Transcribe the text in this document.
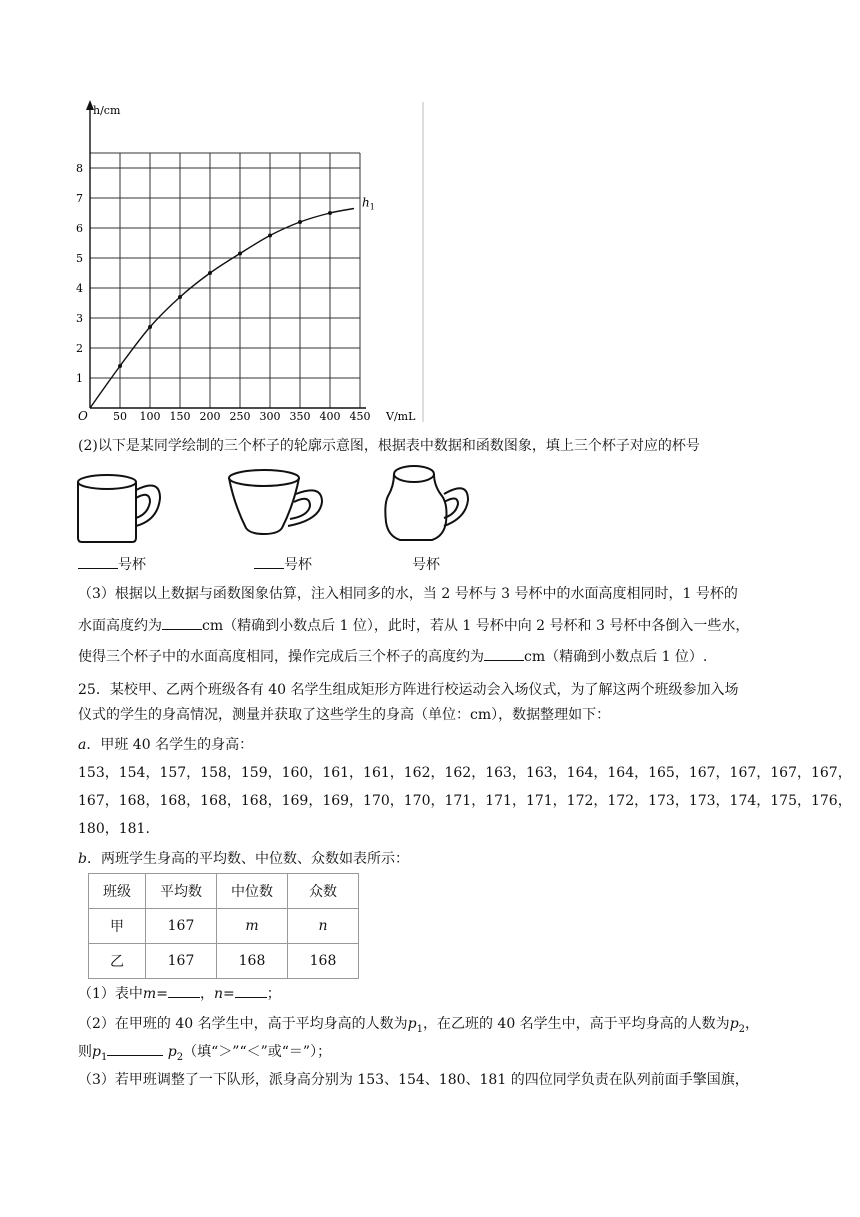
50 100 150 200 250 300 350 400 450
1
2
3
4
5
6
7
8
O
h/cm
V/mL
$h_1$
(2)以下是某同学绘制的三个杯子的轮廓示意图，根据表中数据和函数图象，填上三个杯子对应的杯号
号杯	号杯	号杯
（3）根据以上数据与函数图象估算，注入相同多的水，当 2 号杯与 3 号杯中的水面高度相同时，1 号杯的
水面高度约为	cm（精确到小数点后 1 位），此时，若从 1 号杯中向 2 号杯和 3 号杯中各倒入一些水，
使得三个杯子中的水面高度相同，操作完成后三个杯子的高度约为	cm（精确到小数点后 1 位）.
25．某校甲、乙两个班级各有 40 名学生组成矩形方阵进行校运动会入场仪式，为了解这两个班级参加入场
仪式的学生的身高情况，测量并获取了这些学生的身高（单位：cm），数据整理如下：
a．甲班 40 名学生的身高：
153，154，157，158，159，160，161，161，162，162，163，163，164，164，165，167，167，167，167，
167，168，168，168，168，169，169，170，170，171，171，171，172，172，173，173，174，175，176，
180，181.
b．两班学生身高的平均数、中位数、众数如表所示：
班级	平均数	中位数	众数
甲	167	m	n
乙	167	168	168
（1）表中m= ，n= ；
（2）在甲班的 40 名学生中，高于平均身高的人数为$p_1$，在乙班的 40 名学生中，高于平均身高的人数为$p_2$，
则$p_1$	$p_2$（填“＞”“＜”或“＝”）；
（3）若甲班调整了一下队形，派身高分别为 153、154、180、181 的四位同学负责在队列前面手擎国旗，
